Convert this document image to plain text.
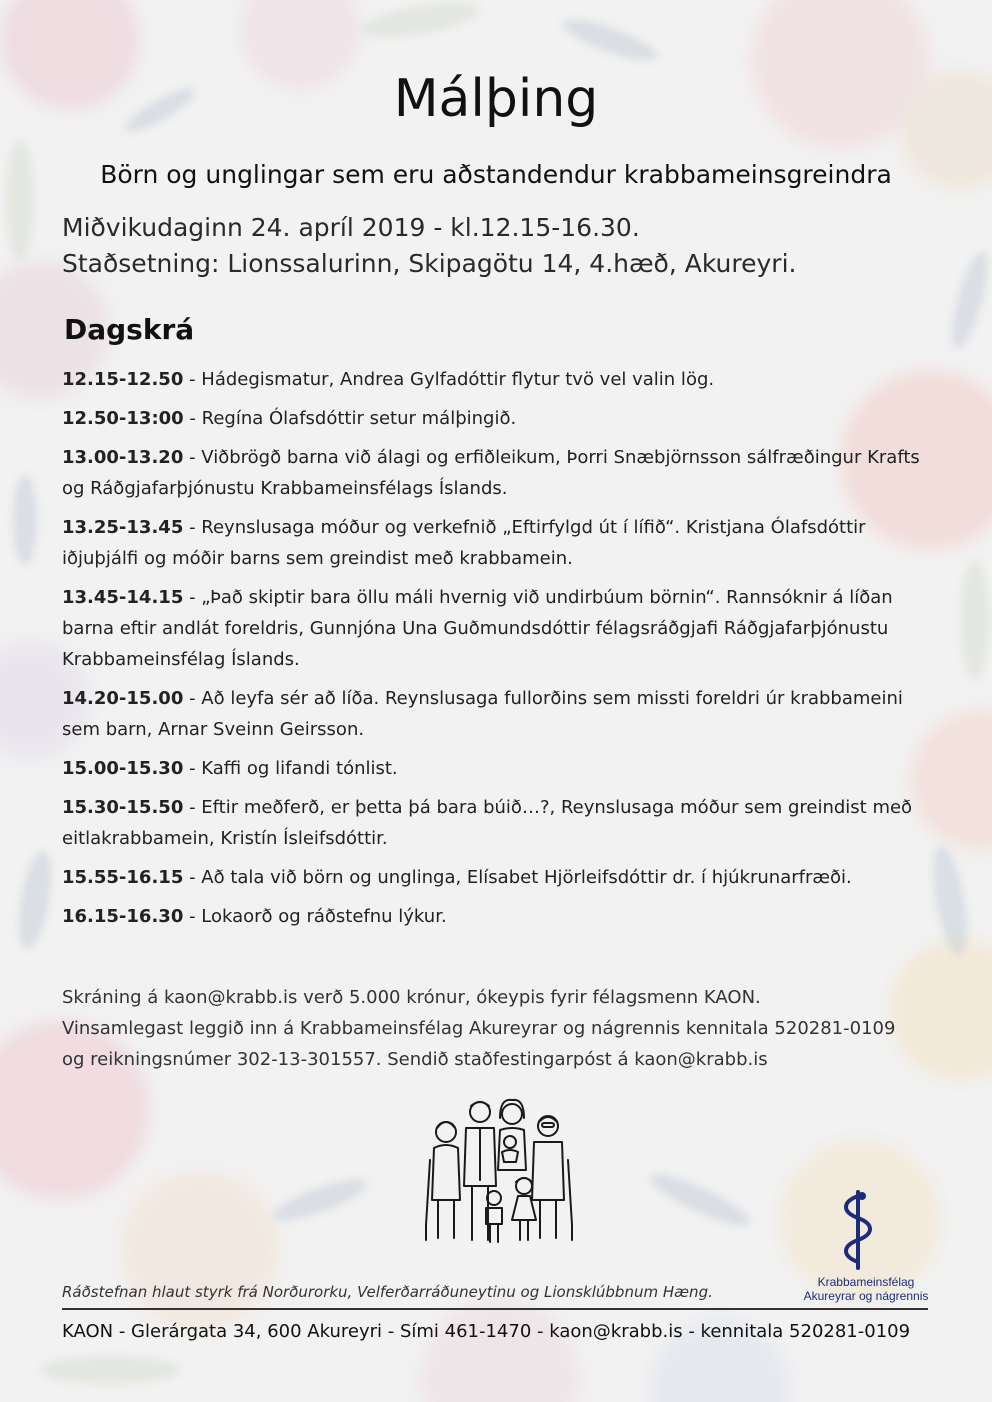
Málþing
Börn og unglingar sem eru aðstandendur krabbameinsgreindra
Miðvikudaginn 24. apríl 2019 - kl.12.15-16.30.
Staðsetning: Lionssalurinn, Skipagötu 14, 4.hæð, Akureyri.
Dagskrá
12.15-12.50 - Hádegismatur, Andrea Gylfadóttir flytur tvö vel valin lög.
12.50-13:00 - Regína Ólafsdóttir setur málþingið.
13.00-13.20 - Viðbrögð barna við álagi og erfiðleikum, Þorri Snæbjörnsson sálfræðingur Krafts og Ráðgjafarþjónustu Krabbameinsfélags Íslands.
13.25-13.45 - Reynslusaga móður og verkefnið „Eftirfylgd út í lífið“. Kristjana Ólafsdóttir iðjuþjálfi og móðir barns sem greindist með krabbamein.
13.45-14.15 - „Það skiptir bara öllu máli hvernig við undirbúum börnin“. Rannsóknir á líðan barna eftir andlát foreldris, Gunnjóna Una Guðmundsdóttir félagsráðgjafi Ráðgjafarþjónustu Krabbameinsfélag Íslands.
14.20-15.00 - Að leyfa sér að líða. Reynslusaga fullorðins sem missti foreldri úr krabbameini sem barn, Arnar Sveinn Geirsson.
15.00-15.30 - Kaffi og lifandi tónlist.
15.30-15.50 - Eftir meðferð, er þetta þá bara búið…?, Reynslusaga móður sem greindist með eitlakrabbamein, Kristín Ísleifsdóttir.
15.55-16.15 - Að tala við börn og unglinga, Elísabet Hjörleifsdóttir dr. í hjúkrunarfræði.
16.15-16.30 - Lokaorð og ráðstefnu lýkur.
Skráning á kaon@krabb.is verð 5.000 krónur, ókeypis fyrir félagsmenn KAON.
Vinsamlegast leggið inn á Krabbameinsfélag Akureyrar og nágrennis kennitala 520281-0109
og reikningsnúmer 302-13-301557. Sendið staðfestingarpóst á kaon@krabb.is
Krabbameinsfélag
Akureyrar og nágrennis
Ráðstefnan hlaut styrk frá Norðurorku, Velferðarráðuneytinu og Lionsklúbbnum Hæng.
KAON - Glerárgata 34, 600 Akureyri - Sími 461-1470 - kaon@krabb.is - kennitala 520281-0109
